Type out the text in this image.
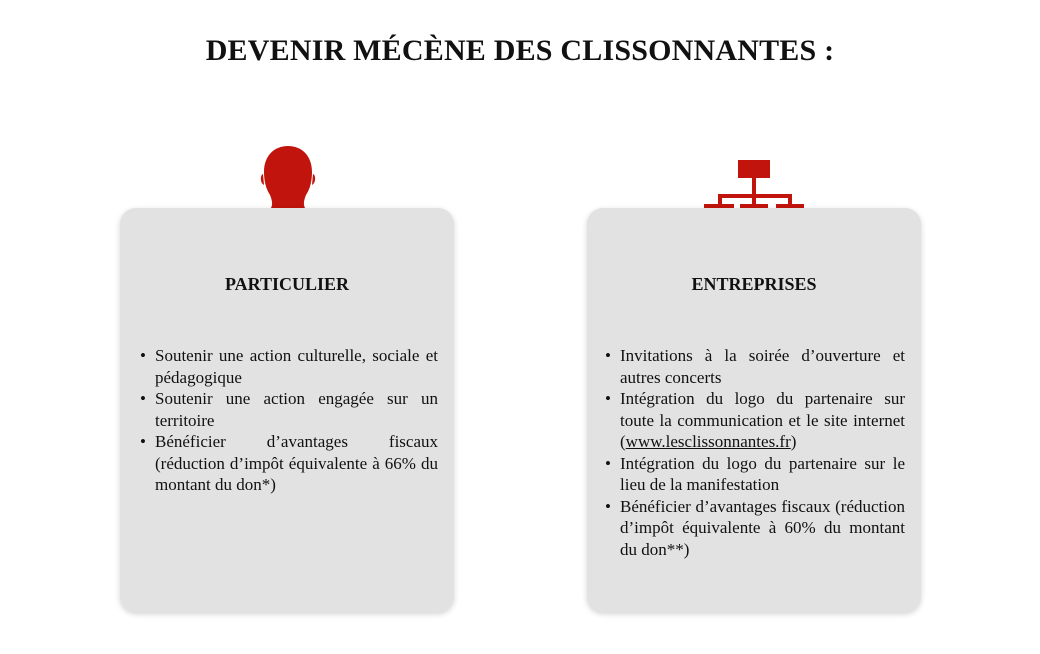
DEVENIR MÉCÈNE DES CLISSONNANTES :
PARTICULIER
• Soutenir une action culturelle, sociale et pédagogique
• Soutenir une action engagée sur un territoire
• Bénéficier d’avantages fiscaux (réduction d’impôt équivalente à 66% du montant du don*)
ENTREPRISES
• Invitations à la soirée d’ouverture et autres concerts
• Intégration du logo du partenaire sur toute la communication et le site internet (www.lesclissonnantes.fr)
• Intégration du logo du partenaire sur le lieu de la manifestation
• Bénéficier d’avantages fiscaux (réduction d’impôt équivalente à 60% du montant du don**)
